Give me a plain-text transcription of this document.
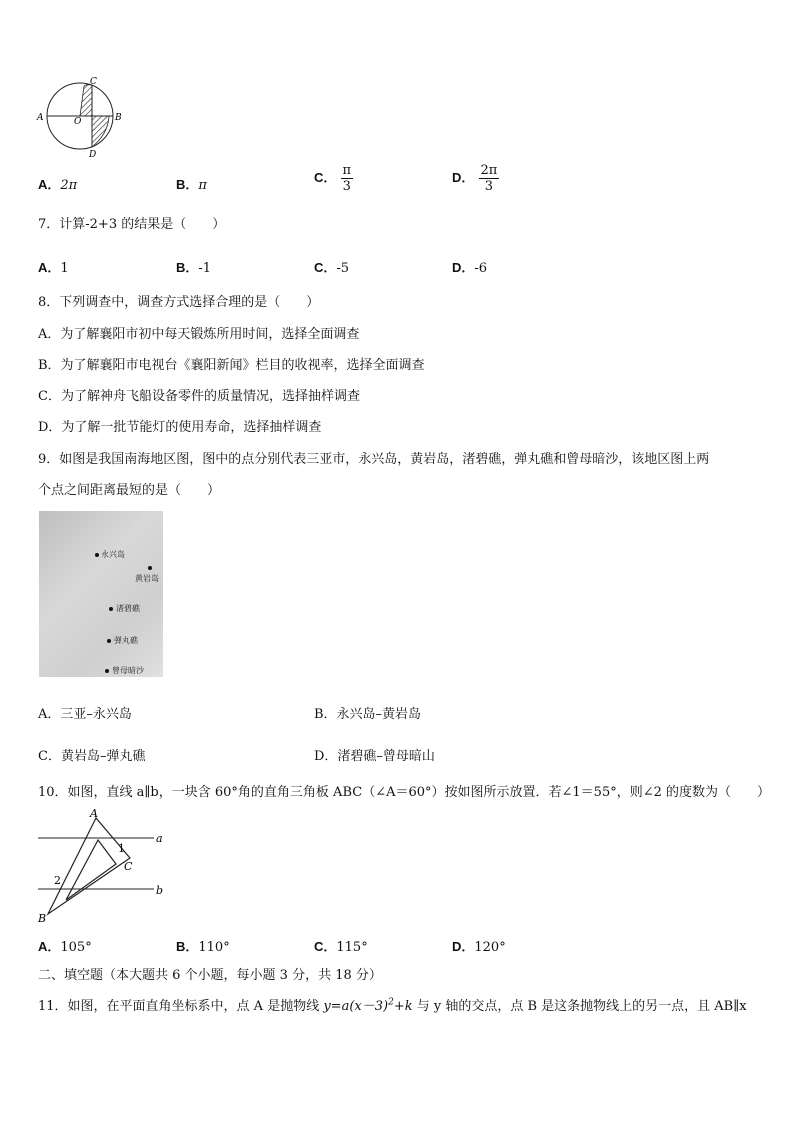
C
A	O	B
D
A．2π	B．π
C． $\frac{\pi}{3}$	D． $\frac{2\pi}{3}$
7．计算-2+3 的结果是（　　）
A．1	B．-1	C．-5	D．-6
8．下列调查中，调查方式选择合理的是（　　）
A．为了解襄阳市初中每天锻炼所用时间，选择全面调查
B．为了解襄阳市电视台《襄阳新闻》栏目的收视率，选择全面调查
C．为了解神舟飞船设备零件的质量情况，选择抽样调查
D．为了解一批节能灯的使用寿命，选择抽样调查
9．如图是我国南海地区图，图中的点分别代表三亚市，永兴岛，黄岩岛，渚碧礁，弹丸礁和曾母暗沙，该地区图上两
个点之间距离最短的是（　　）
永兴岛
黄岩岛
渚碧礁
弹丸礁
曾母暗沙
A．三亚–永兴岛	B．永兴岛–黄岩岛
C．黄岩岛–弹丸礁	D．渚碧礁–曾母暗山
10．如图，直线 a∥b，一块含 60°角的直角三角板 ABC（∠A＝60°）按如图所示放置．若∠1＝55°，则∠2 的度数为（　　）
A
a
1
C
2
b
B
A．105°	B．110°	C．115°	D．120°
二、填空题（本大题共 6 个小题，每小题 3 分，共 18 分）
11．如图，在平面直角坐标系中，点 A 是抛物线 $y=a(x-3)^2+k$ 与 y 轴的交点，点 B 是这条抛物线上的另一点，且 AB∥x
